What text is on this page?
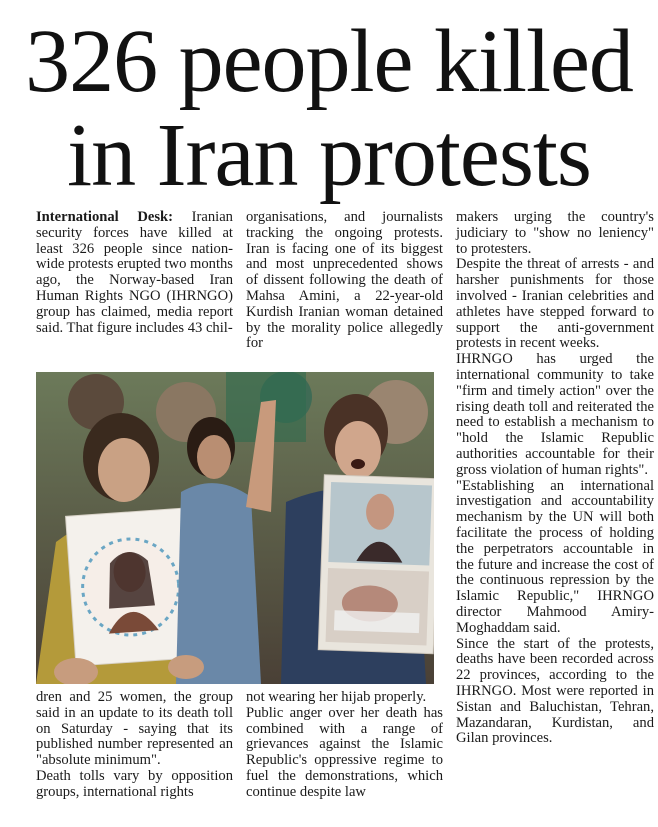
326 people killed
in Iran protests

International Desk: Iranian security forces have killed at least 326 people since nation-wide protests erupted two months ago, the Norway-based Iran Human Rights NGO (IHRNGO) group has claimed, media report said. That figure includes 43 chil-

organisations, and journalists tracking the ongoing protests. Iran is facing one of its biggest and most unprecedented shows of dissent following the death of Mahsa Amini, a 22-year-old Kurdish Iranian woman detained by the morality police allegedly for

dren and 25 women, the group said in an update to its death toll on Saturday - saying that its published number represented an "absolute minimum".

Death tolls vary by opposition groups, international rights

not wearing her hijab properly.

Public anger over her death has combined with a range of grievances against the Islamic Republic's oppressive regime to fuel the demonstrations, which continue despite law

makers urging the country's judiciary to "show no leniency" to protesters.

Despite the threat of arrests - and harsher punishments for those involved - Iranian celebrities and athletes have stepped forward to support the anti-government protests in recent weeks.

IHRNGO has urged the international community to take "firm and timely action" over the rising death toll and reiterated the need to establish a mechanism to "hold the Islamic Republic authorities accountable for their gross violation of human rights".

"Establishing an international investigation and accountability mechanism by the UN will both facilitate the process of holding the perpetrators accountable in the future and increase the cost of the continuous repression by the Islamic Republic," IHRNGO director Mahmood Amiry-Moghaddam said.

Since the start of the protests, deaths have been recorded across 22 provinces, according to the IHRNGO. Most were reported in Sistan and Baluchistan, Tehran, Mazandaran, Kurdistan, and Gilan provinces.
